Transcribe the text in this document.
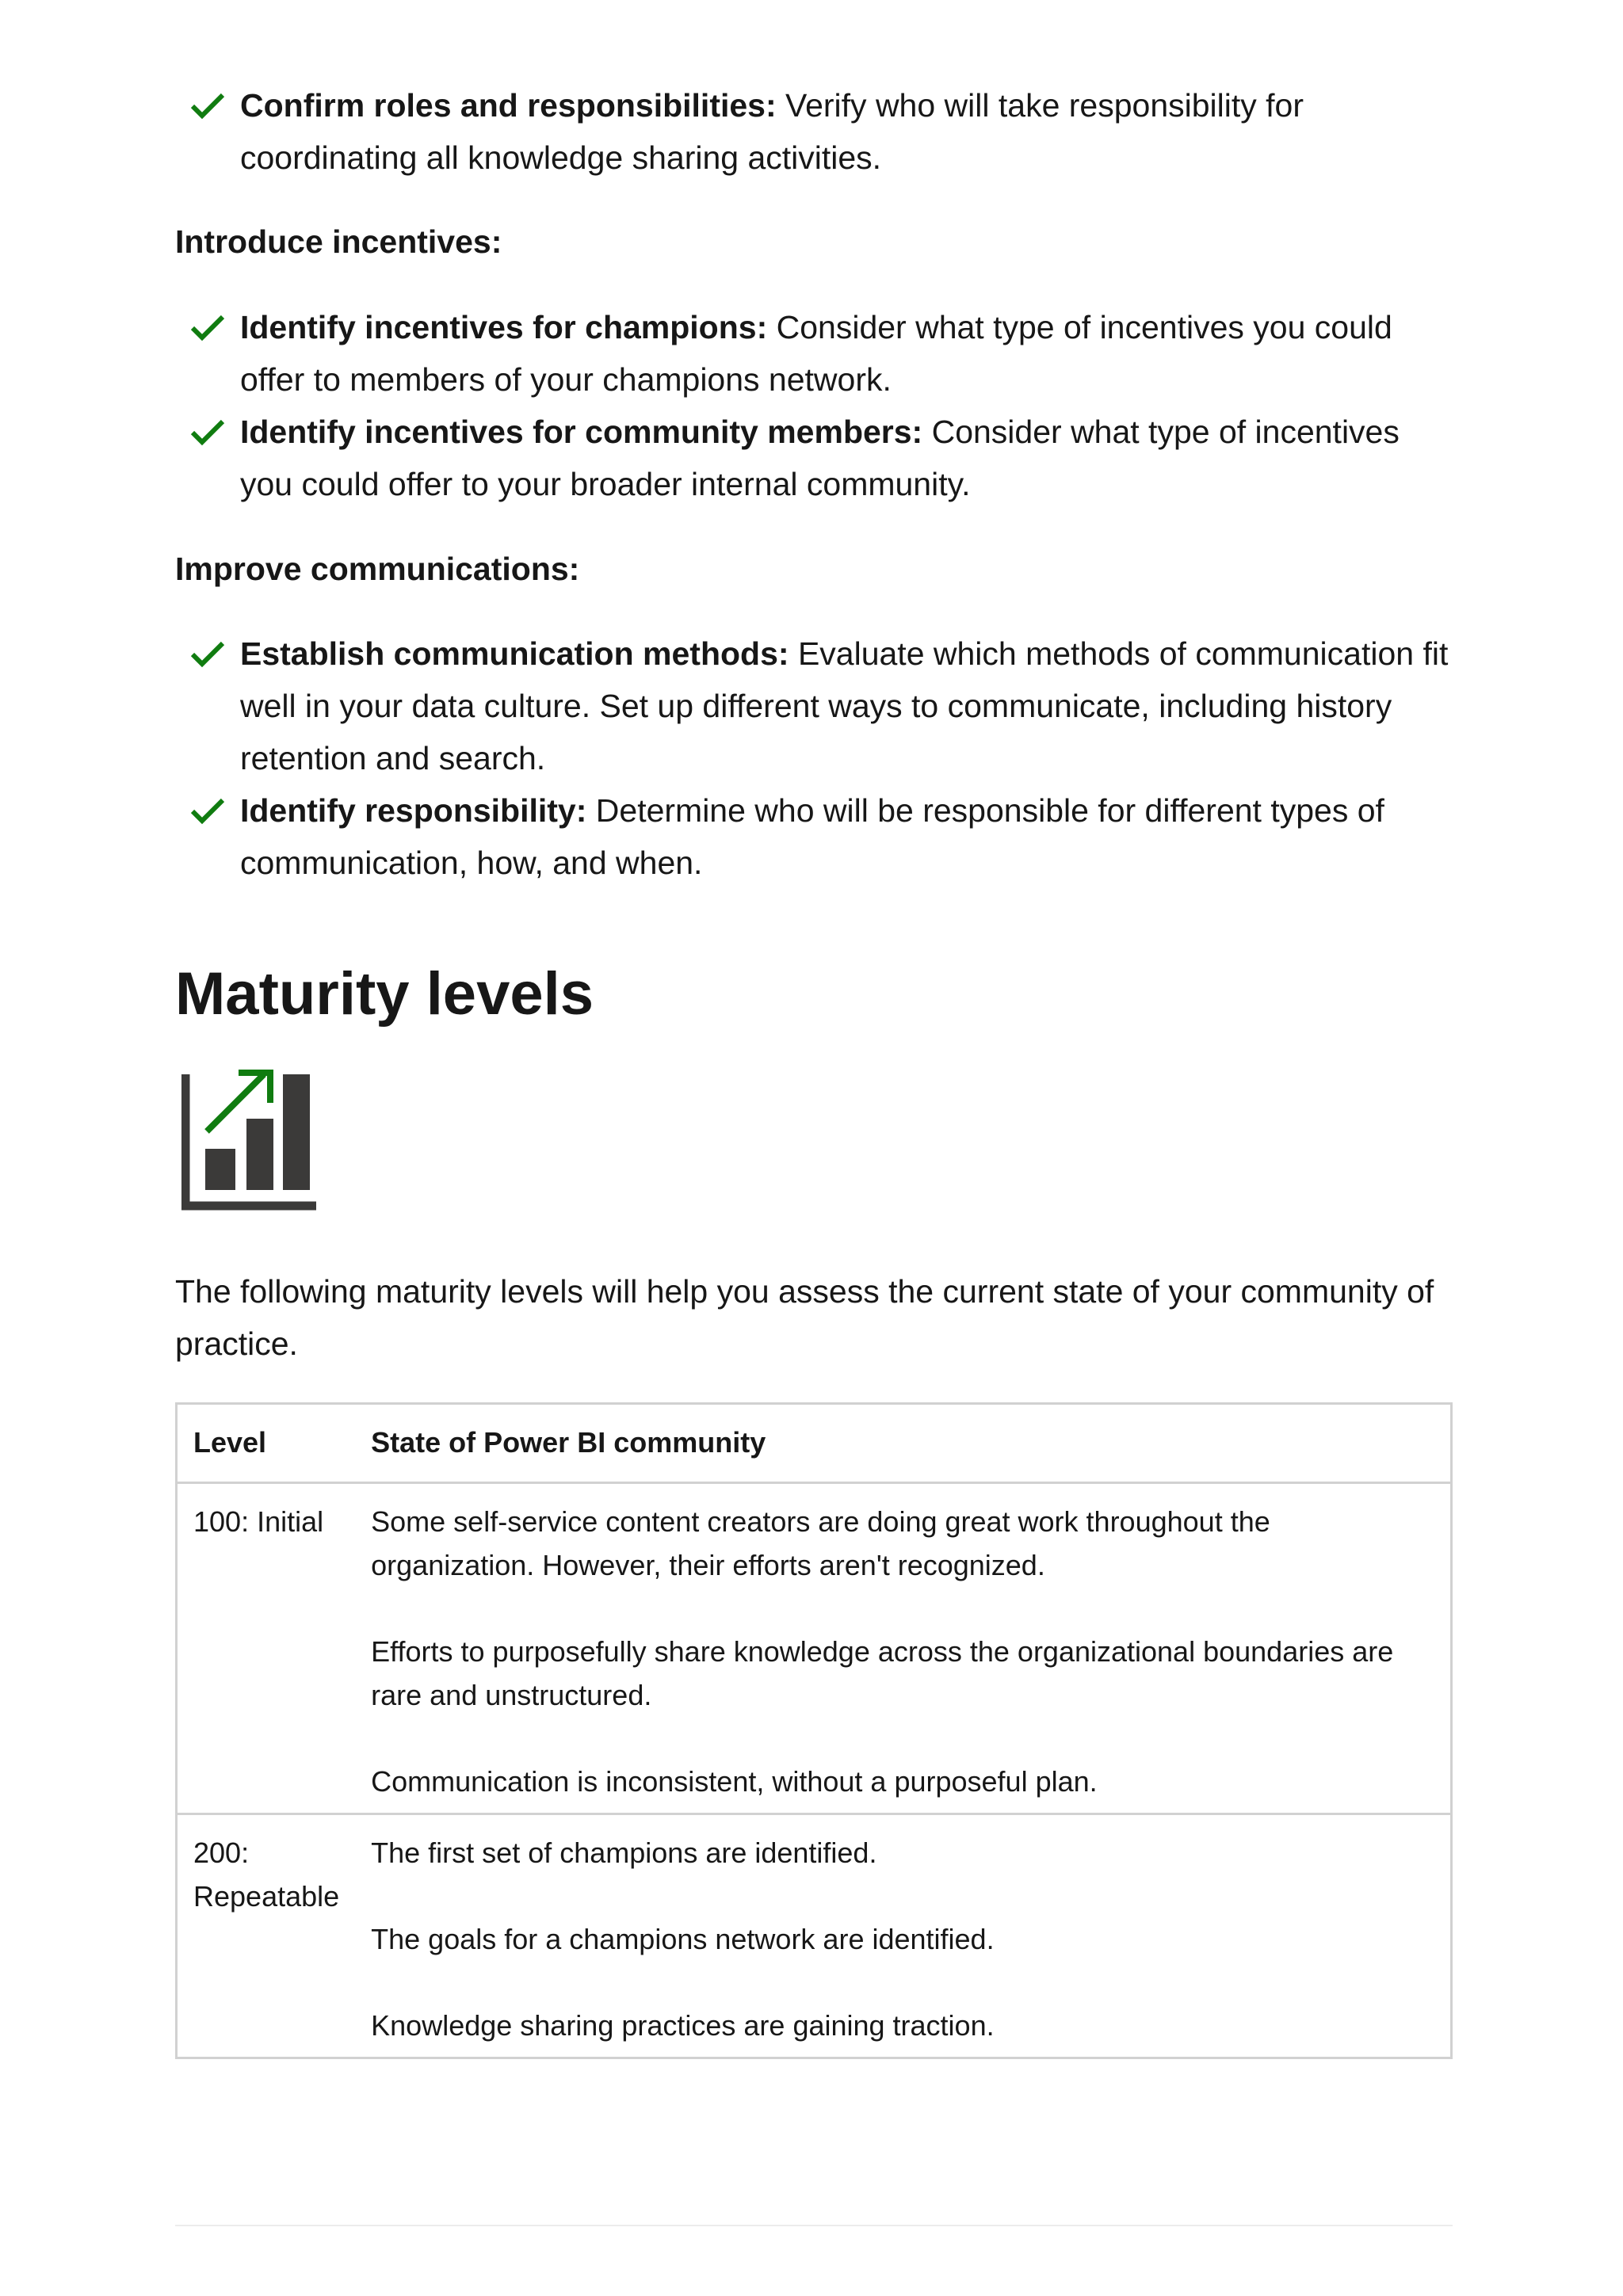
Confirm roles and responsibilities: Verify who will take responsibility for coordinating all knowledge sharing activities.
Introduce incentives:
Identify incentives for champions: Consider what type of incentives you could offer to members of your champions network.
Identify incentives for community members: Consider what type of incentives you could offer to your broader internal community.
Improve communications:
Establish communication methods: Evaluate which methods of communication fit well in your data culture. Set up different ways to communicate, including history retention and search.
Identify responsibility: Determine who will be responsible for different types of communication, how, and when.
Maturity levels

The following maturity levels will help you assess the current state of your community of practice.

Level	State of Power BI community
100: Initial	Some self-service content creators are doing great work throughout the organization. However, their efforts aren't recognized.

Efforts to purposefully share knowledge across the organizational boundaries are rare and unstructured.

Communication is inconsistent, without a purposeful plan.

200: Repeatable	The first set of champions are identified.

The goals for a champions network are identified.

Knowledge sharing practices are gaining traction.
